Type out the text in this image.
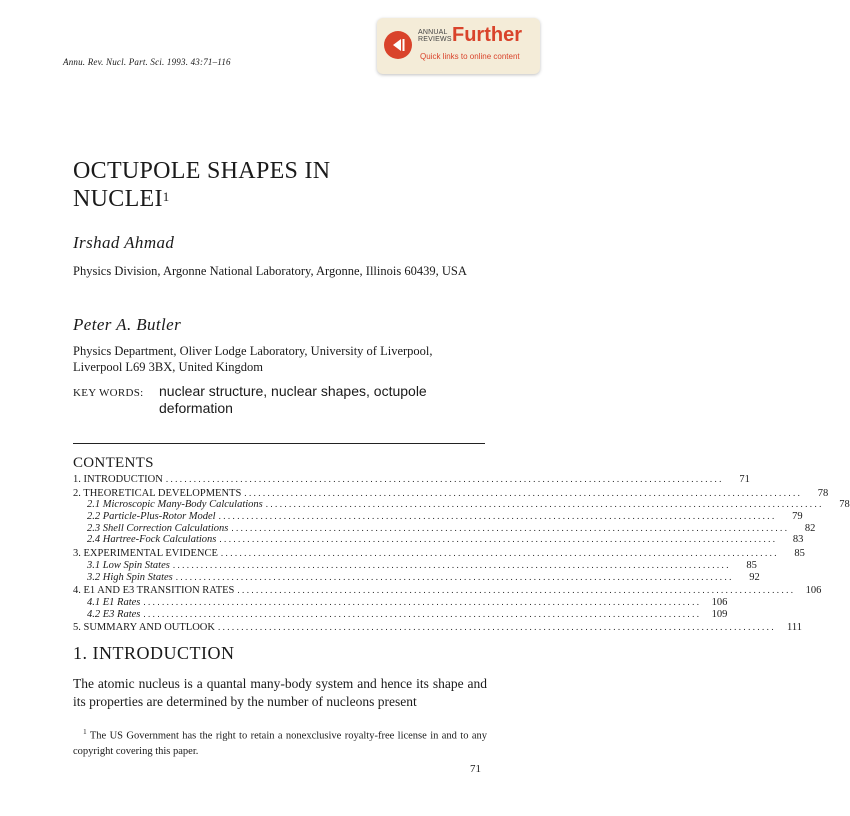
ANNUAL
REVIEWS Further
Quick links to online content
Annu. Rev. Nucl. Part. Sci. 1993. 43:71–116
OCTUPOLE SHAPES IN
NUCLEI$^1$
Irshad Ahmad
Physics Division, Argonne National Laboratory, Argonne, Illinois 60439, USA
Peter A. Butler
Physics Department, Oliver Lodge Laboratory, University of Liverpool, Liverpool L69 3BX, United Kingdom
KEY WORDS: nuclear structure, nuclear shapes, octupole deformation
CONTENTS
1. INTRODUCTION ........................................................................................................................	71
2. THEORETICAL DEVELOPMENTS ........................................................................................................................	78
2.1 Microscopic Many-Body Calculations ........................................................................................................................	78
2.2 Particle-Plus-Rotor Model ........................................................................................................................	79
2.3 Shell Correction Calculations ........................................................................................................................	82
2.4 Hartree-Fock Calculations ........................................................................................................................	83
3. EXPERIMENTAL EVIDENCE ........................................................................................................................	85
3.1 Low Spin States ........................................................................................................................	85
3.2 High Spin States ........................................................................................................................	92
4. E1 AND E3 TRANSITION RATES ........................................................................................................................ 106
4.1 E1 Rates ........................................................................................................................ 106
4.2 E3 Rates ........................................................................................................................ 109
5. SUMMARY AND OUTLOOK ........................................................................................................................	111
1. INTRODUCTION
The atomic nucleus is a quantal many-body system and hence its shape and its properties are determined by the number of nucleons present
$^1$ The US Government has the right to retain a nonexclusive royalty-free license in and to any copyright covering this paper.
71
